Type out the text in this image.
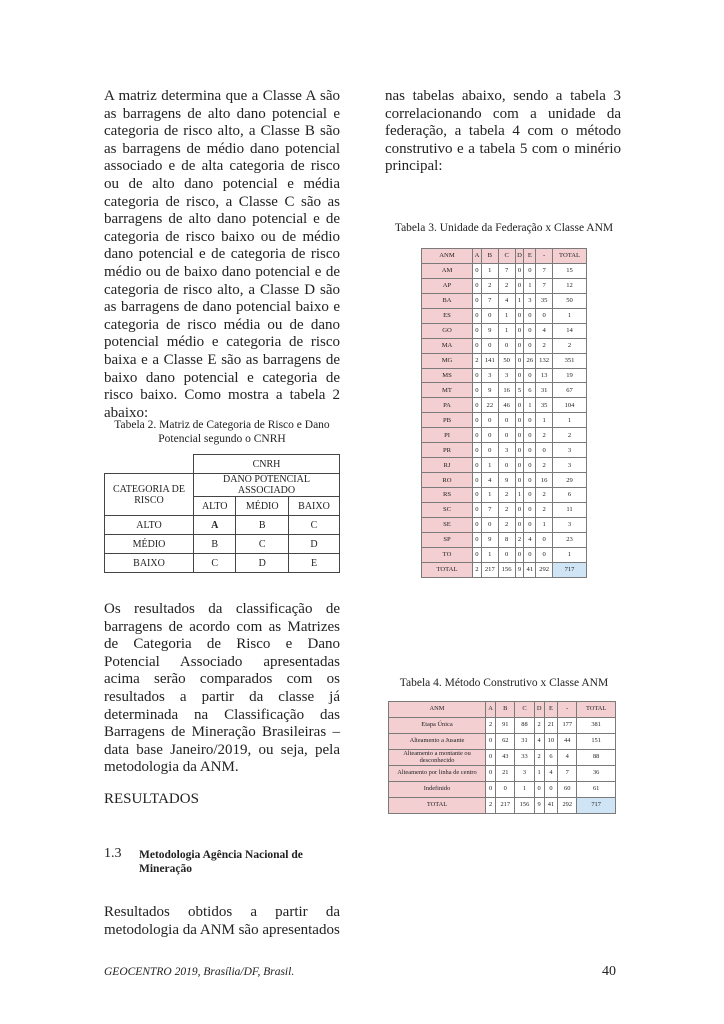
A matriz determina que a Classe A são as barragens de alto dano potencial e categoria de risco alto, a Classe B são as barragens de médio dano potencial associado e de alta categoria de risco ou de alto dano potencial e média categoria de risco, a Classe C são as barragens de alto dano potencial e de categoria de risco baixo ou de médio dano potencial e de categoria de risco médio ou de baixo dano potencial e de categoria de risco alto, a Classe D são as barragens de dano potencial baixo e categoria de risco média ou de dano potencial médio e categoria de risco baixa e a Classe E são as barragens de baixo dano potencial e categoria de risco baixo. Como mostra a tabela 2 abaixo:

Tabela 2. Matriz de Categoria de Risco e Dano Potencial segundo o CNRH
	CNRH		
CATEGORIA DE RISCO	DANO POTENCIAL ASSOCIADO		
	ALTO	MÉDIO	BAIXO
ALTO	A	B	C
MÉDIO	B	C	D
BAIXO	C	D	E

Os resultados da classificação de barragens de acordo com as Matrizes de Categoria de Risco e Dano Potencial Associado apresentadas acima serão comparados com os resultados a partir da classe já determinada na Classificação das Barragens de Mineração Brasileiras – data base Janeiro/2019, ou seja, pela metodologia da ANM.

RESULTADOS
1.3 Metodologia Agência Nacional de Mineração

Resultados obtidos a partir da metodologia da ANM são apresentados

nas tabelas abaixo, sendo a tabela 3 correlacionando com a unidade da federação, a tabela 4 com o método construtivo e a tabela 5 com o minério principal:

Tabela 3. Unidade da Federação x Classe ANM
ANM	A	B	C	D	E	-	TOTAL
AM	0	1	7	0	0	7	15
AP	0	2	2	0	1	7	12
BA	0	7	4	1	3	35	50
ES	0	0	1	0	0	0	1
GO	0	9	1	0	0	4	14
MA	0	0	0	0	0	2	2
MG	2	141	50	0	26	132	351
MS	0	3	3	0	0	13	19
MT	0	9	16	5	6	31	67
PA	0	22	46	0	1	35	104
PB	0	0	0	0	0	1	1
PI	0	0	0	0	0	2	2
PR	0	0	3	0	0	0	3
RJ	0	1	0	0	0	2	3
RO	0	4	9	0	0	16	29
RS	0	1	2	1	0	2	6
SC	0	7	2	0	0	2	11
SE	0	0	2	0	0	1	3
SP	0	9	8	2	4	0	23
TO	0	1	0	0	0	0	1
TOTAL	2	217	156	9	41	292	717
Tabela 4. Método Construtivo x Classe ANM
ANM	A	B	C	D	E	-	TOTAL
Etapa Única	2	91	88	2	21	177	381
Alteamento a Jusante	0	62	31	4	10	44	151
Alteamento a montante ou desconhecido	0	43	33	2	6	4	88
Alteamento por linha de centro	0	21	3	1	4	7	36
Indefinido	0	0	1	0	0	60	61
TOTAL	2	217	156	9	41	292	717
GEOCENTRO 2019, Brasília/DF, Brasil.	40
